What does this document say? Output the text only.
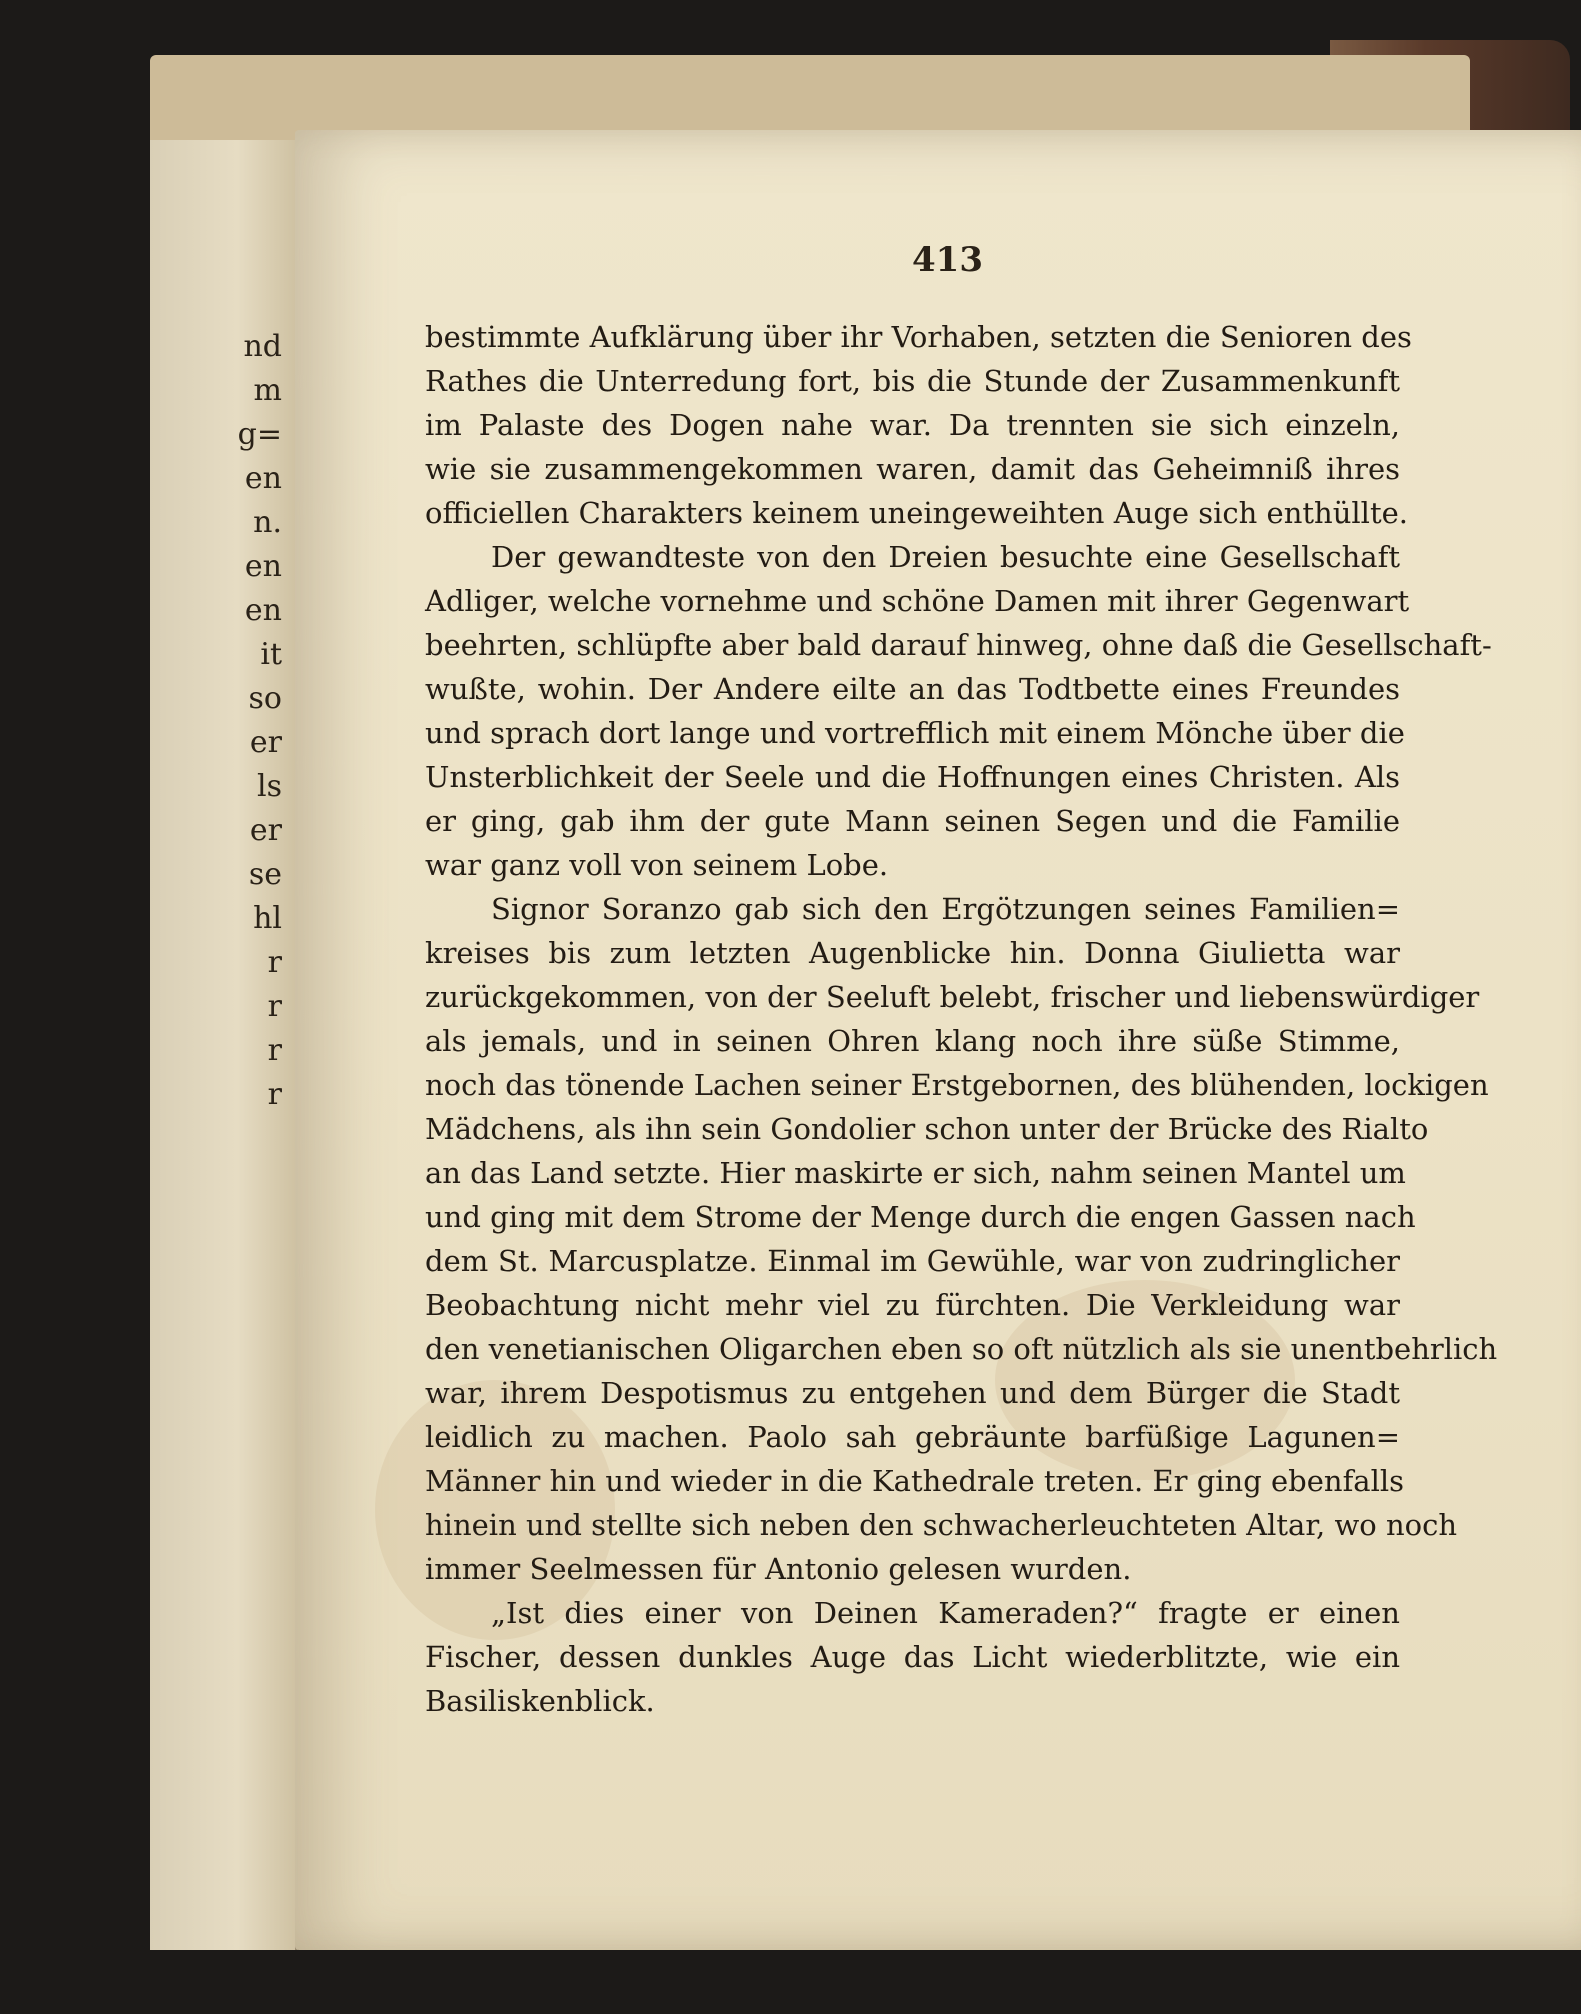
nd
m
g=
en
n.
en
en
it
so
er
ls
er
se
hl
r
r
r
r
413
bestimmte Aufklärung über ihr Vorhaben, setzten die Senioren des
Rathes die Unterredung fort, bis die Stunde der Zusammenkunft
im Palaste des Dogen nahe war. Da trennten sie sich einzeln,
wie sie zusammengekommen waren, damit das Geheimniß ihres
officiellen Charakters keinem uneingeweihten Auge sich enthüllte.
Der gewandteste von den Dreien besuchte eine Gesellschaft
Adliger, welche vornehme und schöne Damen mit ihrer Gegenwart
beehrten, schlüpfte aber bald darauf hinweg, ohne daß die Gesellschaft-
wußte, wohin. Der Andere eilte an das Todtbette eines Freundes
und sprach dort lange und vortrefflich mit einem Mönche über die
Unsterblichkeit der Seele und die Hoffnungen eines Christen. Als
er ging, gab ihm der gute Mann seinen Segen und die Familie
war ganz voll von seinem Lobe.
Signor Soranzo gab sich den Ergötzungen seines Familien=
kreises bis zum letzten Augenblicke hin. Donna Giulietta war
zurückgekommen, von der Seeluft belebt, frischer und liebenswürdiger
als jemals, und in seinen Ohren klang noch ihre süße Stimme,
noch das tönende Lachen seiner Erstgebornen, des blühenden, lockigen
Mädchens, als ihn sein Gondolier schon unter der Brücke des Rialto
an das Land setzte. Hier maskirte er sich, nahm seinen Mantel um
und ging mit dem Strome der Menge durch die engen Gassen nach
dem St. Marcusplatze. Einmal im Gewühle, war von zudringlicher
Beobachtung nicht mehr viel zu fürchten. Die Verkleidung war
den venetianischen Oligarchen eben so oft nützlich als sie unentbehrlich
war, ihrem Despotismus zu entgehen und dem Bürger die Stadt
leidlich zu machen. Paolo sah gebräunte barfüßige Lagunen=
Männer hin und wieder in die Kathedrale treten. Er ging ebenfalls
hinein und stellte sich neben den schwacherleuchteten Altar, wo noch
immer Seelmessen für Antonio gelesen wurden.
„Ist dies einer von Deinen Kameraden?“ fragte er einen
Fischer, dessen dunkles Auge das Licht wiederblitzte, wie ein
Basiliskenblick.
